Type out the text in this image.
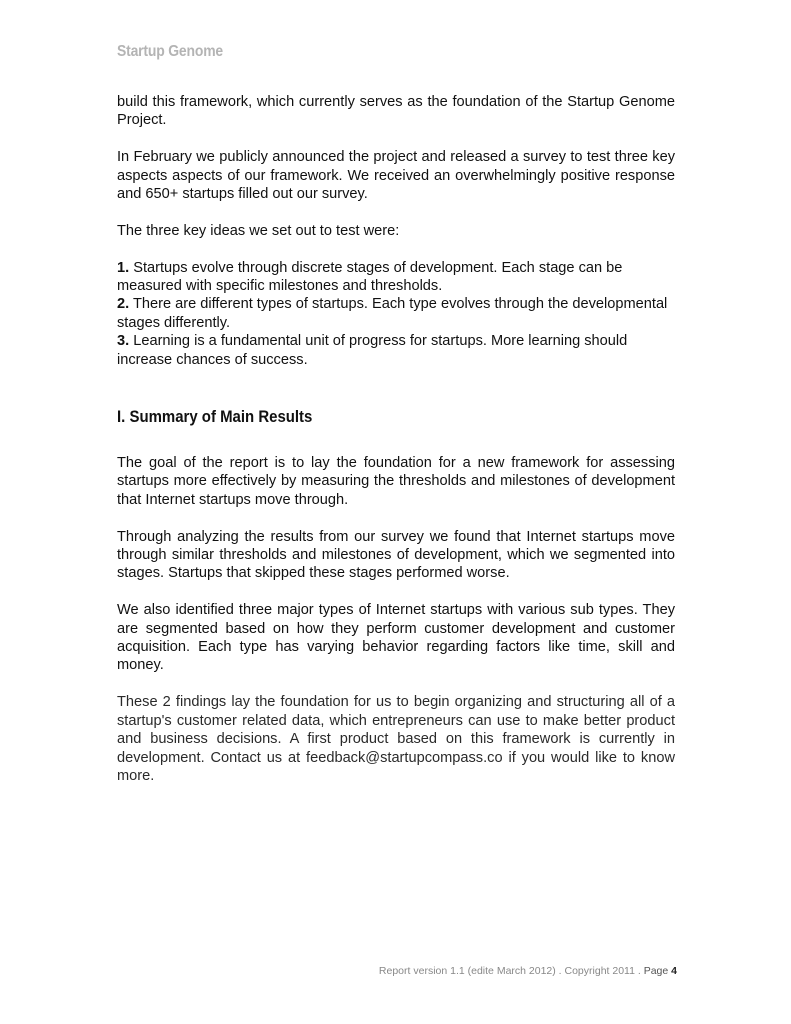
Startup Genome

build this framework, which currently serves as the foundation of the Startup Genome Project.

In February we publicly announced the project and released a survey to test three key aspects aspects of our framework. We received an overwhelmingly positive response and 650+ startups filled out our survey.

The three key ideas we set out to test were:

1. Startups evolve through discrete stages of development. Each stage can be measured with specific milestones and thresholds.

2. There are different types of startups. Each type evolves through the developmental stages differently.

3. Learning is a fundamental unit of progress for startups. More learning should increase chances of success.

I. Summary of Main Results

The goal of the report is to lay the foundation for a new framework for assessing startups more effectively by measuring the thresholds and milestones of development that Internet startups move through.

Through analyzing the results from our survey we found that Internet startups move through similar thresholds and milestones of development, which we segmented into stages. Startups that skipped these stages performed worse.

We also identified three major types of Internet startups with various sub types. They are segmented based on how they perform customer development and customer acquisition. Each type has varying behavior regarding factors like time, skill and money.

These 2 findings lay the foundation for us to begin organizing and structuring all of a startup's customer related data, which entrepreneurs can use to make better product and business decisions. A first product based on this framework is currently in development. Contact us at feedback@startupcompass.co if you would like to know more.

Report version 1.1 (edite March 2012) . Copyright 2011 . Page 4
